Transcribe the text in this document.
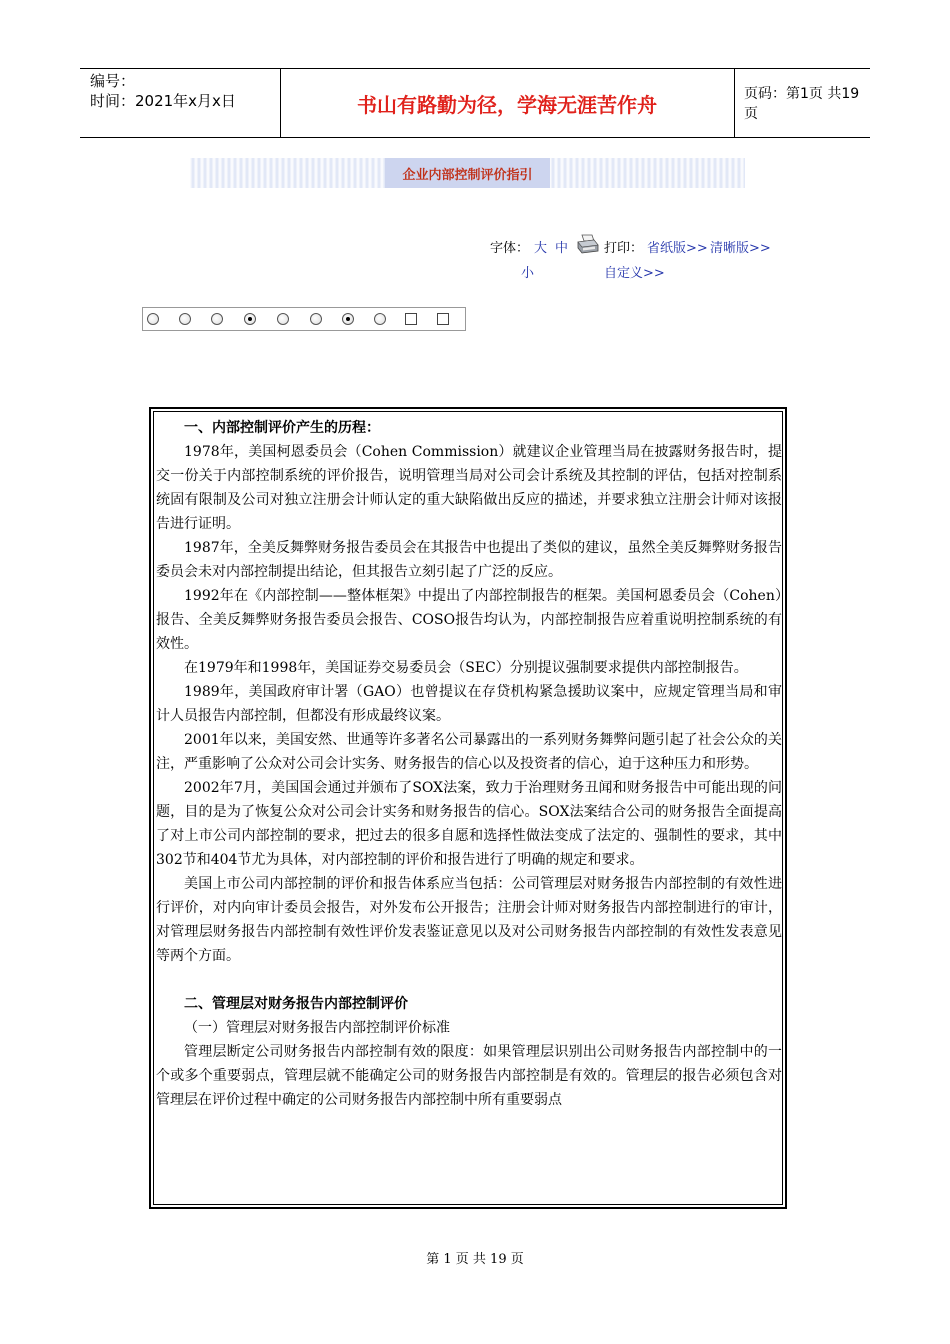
编号：
时间：2021年x月x日	书山有路勤为径，学海无涯苦作舟	页码：第1页 共19页
企业内部控制评价指引
字体： 大 中
小
打印： 省纸版>> 清晰版>>
自定义>>

一、内部控制评价产生的历程：

1978年，美国柯恩委员会（Cohen Commission）就建议企业管理当局在披露财务报告时，提交一份关于内部控制系统的评价报告，说明管理当局对公司会计系统及其控制的评估，包括对控制系统固有限制及公司对独立注册会计师认定的重大缺陷做出反应的描述，并要求独立注册会计师对该报告进行证明。

1987年，全美反舞弊财务报告委员会在其报告中也提出了类似的建议，虽然全美反舞弊财务报告委员会未对内部控制提出结论，但其报告立刻引起了广泛的反应。

1992年在《内部控制——整体框架》中提出了内部控制报告的框架。美国柯恩委员会（Cohen）报告、全美反舞弊财务报告委员会报告、COSO报告均认为，内部控制报告应着重说明控制系统的有效性。

在1979年和1998年，美国证券交易委员会（SEC）分别提议强制要求提供内部控制报告。

1989年，美国政府审计署（GAO）也曾提议在存贷机构紧急援助议案中，应规定管理当局和审计人员报告内部控制，但都没有形成最终议案。

2001年以来，美国安然、世通等许多著名公司暴露出的一系列财务舞弊问题引起了社会公众的关注，严重影响了公众对公司会计实务、财务报告的信心以及投资者的信心，迫于这种压力和形势。

2002年7月，美国国会通过并颁布了SOX法案，致力于治理财务丑闻和财务报告中可能出现的问题，目的是为了恢复公众对公司会计实务和财务报告的信心。SOX法案结合公司的财务报告全面提高了对上市公司内部控制的要求，把过去的很多自愿和选择性做法变成了法定的、强制性的要求，其中302节和404节尤为具体，对内部控制的评价和报告进行了明确的规定和要求。

美国上市公司内部控制的评价和报告体系应当包括：公司管理层对财务报告内部控制的有效性进行评价，对内向审计委员会报告，对外发布公开报告；注册会计师对财务报告内部控制进行的审计，对管理层财务报告内部控制有效性评价发表鉴证意见以及对公司财务报告内部控制的有效性发表意见等两个方面。

二、管理层对财务报告内部控制评价

（一）管理层对财务报告内部控制评价标准

管理层断定公司财务报告内部控制有效的限度：如果管理层识别出公司财务报告内部控制中的一个或多个重要弱点，管理层就不能确定公司的财务报告内部控制是有效的。管理层的报告必须包含对管理层在评价过程中确定的公司财务报告内部控制中所有重要弱点

第 1 页 共 19 页
